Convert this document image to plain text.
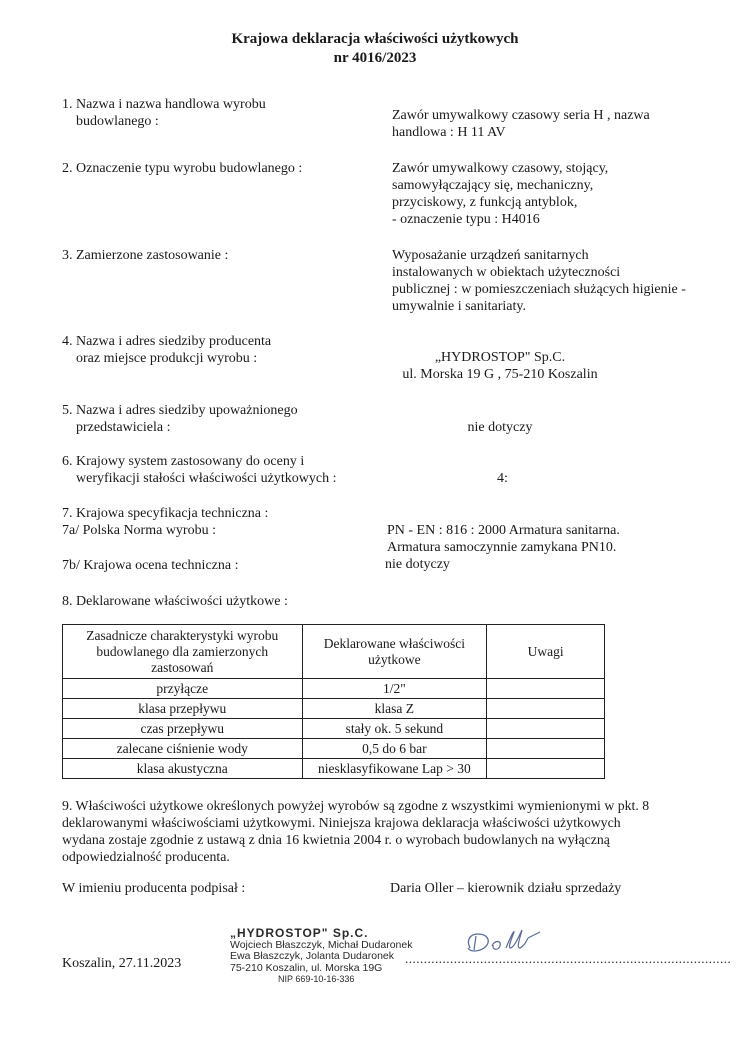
Krajowa deklaracja właściwości użytkowych
nr 4016/2023
1. Nazwa i nazwa handlowa wyrobu
budowlanego :	Zawór umywalkowy czasowy seria H , nazwa
handlowa : H 11 AV
2. Oznaczenie typu wyrobu budowlanego :	Zawór umywalkowy czasowy, stojący,
samowyłączający się, mechaniczny,
przyciskowy, z funkcją antyblok,
- oznaczenie typu : H4016
3. Zamierzone zastosowanie :	Wyposażanie urządzeń sanitarnych
instalowanych w obiektach użyteczności
publicznej : w pomieszczeniach służących higienie -
umywalnie i sanitariaty.
4. Nazwa i adres siedziby producenta
oraz miejsce produkcji wyrobu :	„HYDROSTOP" Sp.C.
ul. Morska 19 G , 75-210 Koszalin
5. Nazwa i adres siedziby upoważnionego
przedstawiciela :	nie dotyczy
6. Krajowy system zastosowany do oceny i
weryfikacji stałości właściwości użytkowych :	4:
7. Krajowa specyfikacja techniczna :
7a/ Polska Norma wyrobu :	PN - EN : 816 : 2000 Armatura sanitarna.
Armatura samoczynnie zamykana PN10.
7b/ Krajowa ocena techniczna :	nie dotyczy
8. Deklarowane właściwości użytkowe :
Zasadnicze charakterystyki wyrobu budowlanego dla zamierzonych zastosowań	Deklarowane właściwości użytkowe	Uwagi
przyłącze	1/2"	
klasa przepływu	klasa Z	
czas przepływu	stały ok. 5 sekund	
zalecane ciśnienie wody	0,5 do 6 bar	
klasa akustyczna	niesklasyfikowane Lap > 30	
9. Właściwości użytkowe określonych powyżej wyrobów są zgodne z wszystkimi wymienionymi w pkt. 8
deklarowanymi właściwościami użytkowymi. Niniejsza krajowa deklaracja właściwości użytkowych
wydana zostaje zgodnie z ustawą z dnia 16 kwietnia 2004 r. o wyrobach budowlanych na wyłączną
odpowiedzialność producenta.
W imieniu producenta podpisał :	Daria Oller – kierownik działu sprzedaży
Koszalin, 27.11.2023
„HYDROSTOP" Sp.C.
Wojciech Błaszczyk, Michał Dudaronek
Ewa Błaszczyk, Jolanta Dudaronek
75-210 Koszalin, ul. Morska 19G
NIP 669-10-16-336
.......................................................................................
